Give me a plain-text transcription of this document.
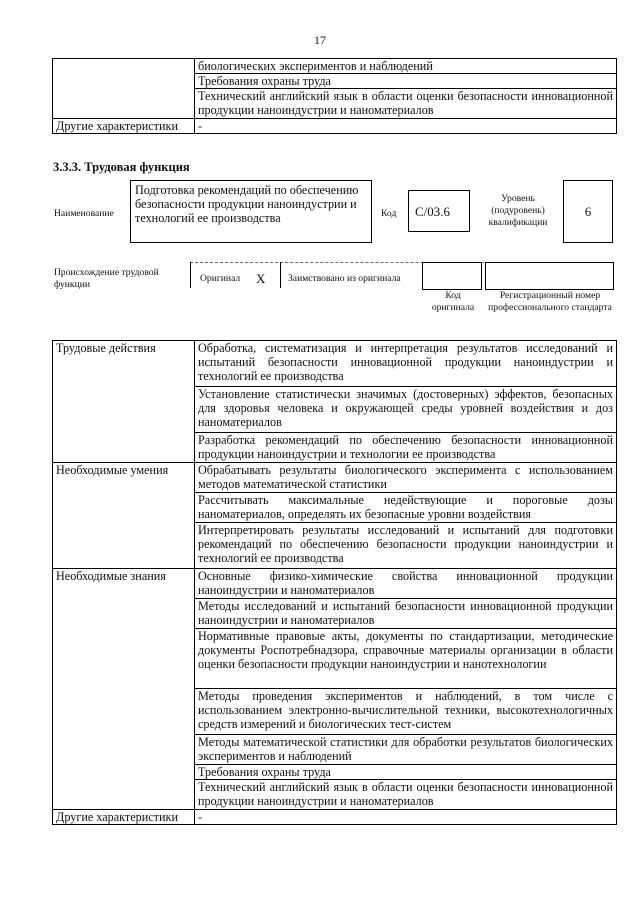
17
	биологических экспериментов и наблюдений
	Требования охраны труда
	Технический английский язык в области оценки безопасности инновационной продукции наноиндустрии и наноматериалов
Другие характеристики	-
3.3.3. Трудовая функция
Наименование
Подготовка рекомендаций по обеспечению безопасности продукции наноиндустрии и технологий ее производства	Код	C/03.6
Уровень (подуровень) квалификации
6
Происхождение трудовой функции
Оригинал X Заимствовано из оригинала
Код оригинала
Регистрационный номер профессионального стандарта
Трудовые действия	Обработка, систематизация и интерпретация результатов исследований и испытаний безопасности инновационной продукции наноиндустрии и технологий ее производства
	Установление статистически значимых (достоверных) эффектов, безопасных для здоровья человека и окружающей среды уровней воздействия и доз наноматериалов
	Разработка рекомендаций по обеспечению безопасности инновационной продукции наноиндустрии и технологии ее производства
Необходимые умения	Обрабатывать результаты биологического эксперимента с использованием методов математической статистики
	Рассчитывать максимальные недействующие и пороговые дозы наноматериалов, определять их безопасные уровни воздействия
	Интерпретировать результаты исследований и испытаний для подготовки рекомендаций по обеспечению безопасности продукции наноиндустрии и технологий ее производства
Необходимые знания	Основные физико-химические свойства инновационной продукции наноиндустрии и наноматериалов
	Методы исследований и испытаний безопасности инновационной продукции наноиндустрии и наноматериалов
	Нормативные правовые акты, документы по стандартизации, методические документы Роспотребнадзора, справочные материалы организации в области оценки безопасности продукции наноиндустрии и нанотехнологии
	Методы проведения экспериментов и наблюдений, в том числе с использованием электронно-вычислительной техники, высокотехнологичных средств измерений и биологических тест-систем
	Методы математической статистики для обработки результатов биологических экспериментов и наблюдений
	Требования охраны труда
	Технический английский язык в области оценки безопасности инновационной продукции наноиндустрии и наноматериалов
Другие характеристики	-
